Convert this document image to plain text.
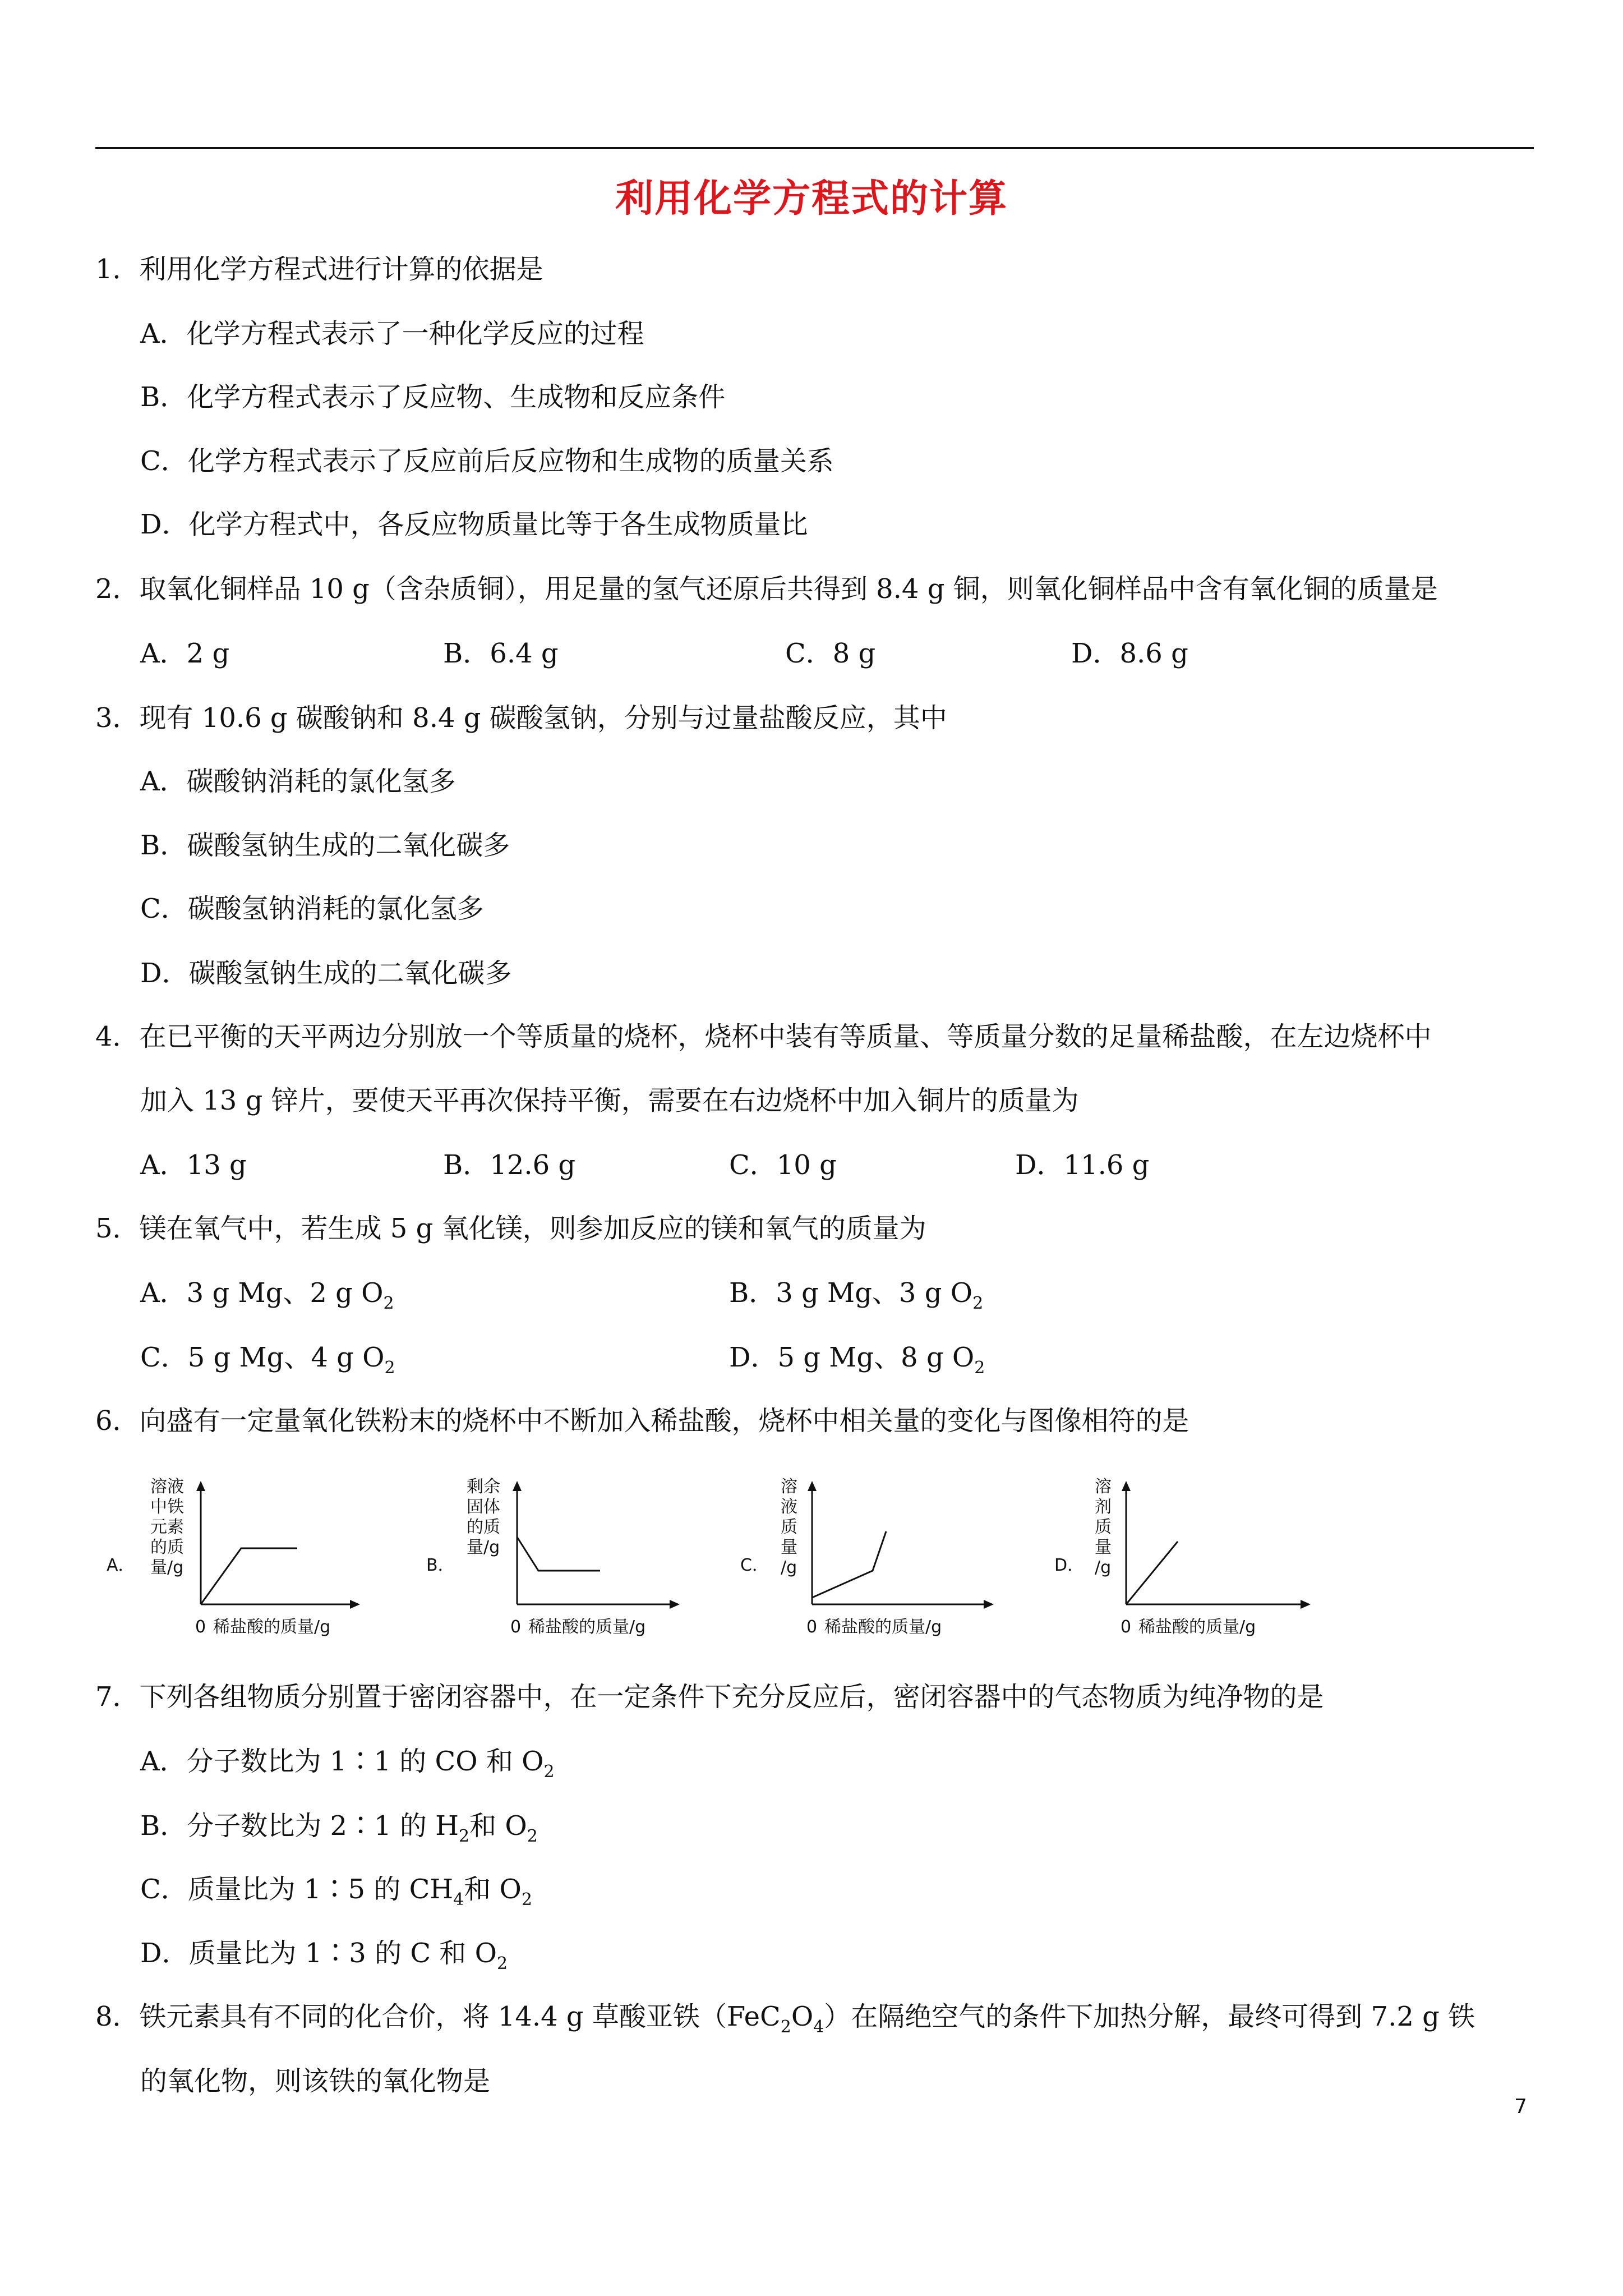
利用化学方程式的计算
1．利用化学方程式进行计算的依据是
A．化学方程式表示了一种化学反应的过程
B．化学方程式表示了反应物、生成物和反应条件
C．化学方程式表示了反应前后反应物和生成物的质量关系
D．化学方程式中，各反应物质量比等于各生成物质量比
2．取氧化铜样品 10 g（含杂质铜），用足量的氢气还原后共得到 8.4 g 铜，则氧化铜样品中含有氧化铜的质量是
A．2 g	B．6.4 g	C．8 g	D．8.6 g
3．现有 10.6 g 碳酸钠和 8.4 g 碳酸氢钠，分别与过量盐酸反应，其中
A．碳酸钠消耗的氯化氢多
B．碳酸氢钠生成的二氧化碳多
C．碳酸氢钠消耗的氯化氢多
D．碳酸氢钠生成的二氧化碳多
4．在已平衡的天平两边分别放一个等质量的烧杯，烧杯中装有等质量、等质量分数的足量稀盐酸，在左边烧杯中
加入 13 g 锌片，要使天平再次保持平衡，需要在右边烧杯中加入铜片的质量为
A．13 g	B．12.6 g	C．10 g	D．11.6 g
5．镁在氧气中，若生成 5 g 氧化镁，则参加反应的镁和氧气的质量为
A．3 g Mg、2 g $O_2$	B．3 g Mg、3 g $O_2$
C．5 g Mg、4 g $O_2$	D．5 g Mg、8 g $O_2$
6．向盛有一定量氧化铁粉末的烧杯中不断加入稀盐酸，烧杯中相关量的变化与图像相符的是
A．
溶液
中铁
元素
的质
量/g
0 稀盐酸的质量/g
B．
剩余
固体
的质
量/g
0 稀盐酸的质量/g
C．
溶
液
质
量
/g
0 稀盐酸的质量/g
D．
溶
剂
质
量
/g
0 稀盐酸的质量/g
7．下列各组物质分别置于密闭容器中，在一定条件下充分反应后，密闭容器中的气态物质为纯净物的是
A．分子数比为 1∶1 的 CO 和 $O_2$
B．分子数比为 2∶1 的 $H_2$和 $O_2$
C．质量比为 1∶5 的 $CH_4$和 $O_2$
D．质量比为 1∶3 的 C 和 $O_2$
8．铁元素具有不同的化合价，将 14.4 g 草酸亚铁$(FeC_2O_4)$在隔绝空气的条件下加热分解，最终可得到 7.2 g 铁
的氧化物，则该铁的氧化物是
7
